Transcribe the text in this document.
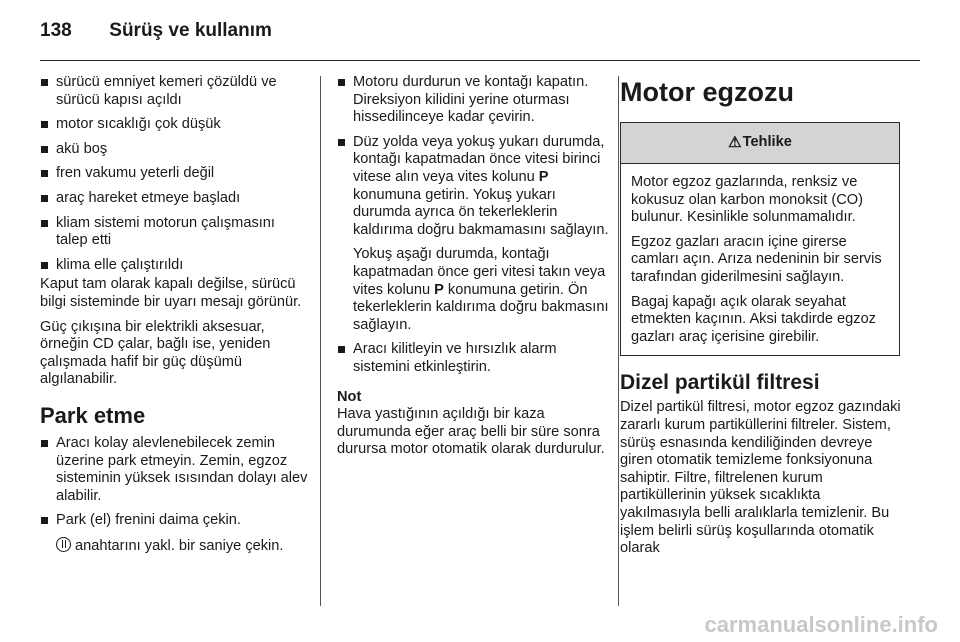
138 Sürüş ve kullanım
sürücü emniyet kemeri çözüldü ve sürücü kapısı açıldı
motor sıcaklığı çok düşük
akü boş
fren vakumu yeterli değil
araç hareket etmeye başladı
kliam sistemi motorun çalışmasını talep etti
klima elle çalıştırıldı

Kaput tam olarak kapalı değilse, sürücü bilgi sisteminde bir uyarı mesajı görünür.

Güç çıkışına bir elektrikli aksesuar, örneğin CD çalar, bağlı ise, yeniden çalışmada hafif bir güç düşümü algılanabilir.

Park etme
Aracı kolay alevlenebilecek zemin üzerine park etmeyin. Zemin, egzoz sisteminin yüksek ısısından dolayı alev alabilir.
Park (el) frenini daima çekin.
anahtarını yakl. bir saniye çekin.
Motoru durdurun ve kontağı kapatın. Direksiyon kilidini yerine oturması hissedilinceye kadar çevirin.
Düz yolda veya yokuş yukarı durumda, kontağı kapatmadan önce vitesi birinci vitese alın veya vites kolunu P konumuna getirin. Yokuş yukarı durumda ayrıca ön tekerleklerin kaldırıma doğru bakmamasını sağlayın.
Yokuş aşağı durumda, kontağı kapatmadan önce geri vitesi takın veya vites kolunu P konumuna getirin. Ön tekerleklerin kaldırıma doğru bakmasını sağlayın.
Aracı kilitleyin ve hırsızlık alarm sistemini etkinleştirin.

Not

Hava yastığının açıldığı bir kaza durumunda eğer araç belli bir süre sonra durursa motor otomatik olarak durdurulur.

Motor egzozu
⚠ Tehlike

Motor egzoz gazlarında, renksiz ve kokusuz olan karbon monoksit (CO) bulunur. Kesinlikle solunmamalıdır.

Egzoz gazları aracın içine girerse camları açın. Arıza nedeninin bir servis tarafından giderilmesini sağlayın.

Bagaj kapağı açık olarak seyahat etmekten kaçının. Aksi takdirde egzoz gazları araç içerisine girebilir.

Dizel partikül filtresi

Dizel partikül filtresi, motor egzoz gazındaki zararlı kurum partiküllerini filtreler. Sistem, sürüş esnasında kendiliğinden devreye giren otomatik temizleme fonksiyonuna sahiptir. Filtre, filtrelenen kurum partiküllerinin yüksek sıcaklıkta yakılmasıyla belli aralıklarla temizlenir. Bu işlem belirli sürüş koşullarında otomatik olarak

carmanualsonline.info
